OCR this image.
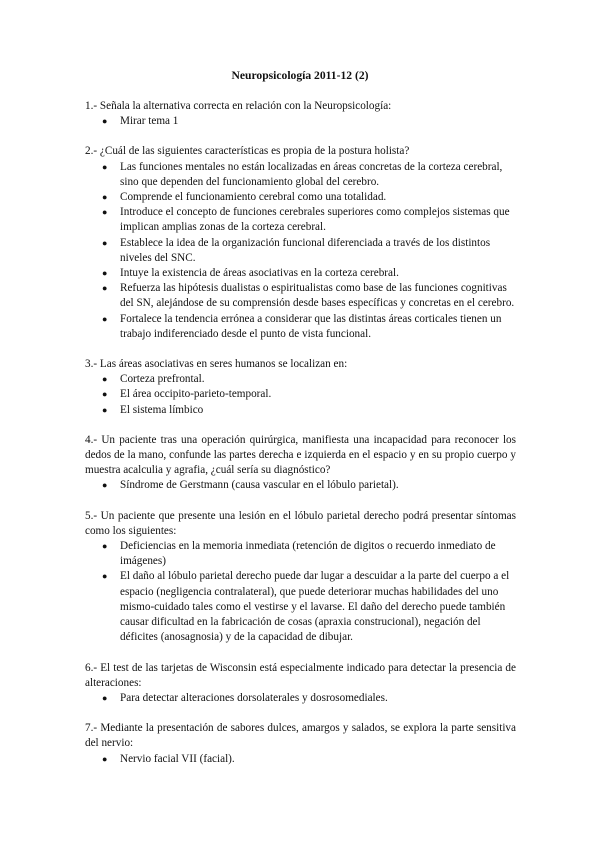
Neuropsicología 2011-12 (2)

1.- Señala la alternativa correcta en relación con la Neuropsicología:

●	Mirar tema 1

2.- ¿Cuál de las siguientes características es propia de la postura holista?

●	Las funciones mentales no están localizadas en áreas concretas de la corteza cerebral, sino que dependen del funcionamiento global del cerebro.
●	Comprende el funcionamiento cerebral como una totalidad.
●	Introduce el concepto de funciones cerebrales superiores como complejos sistemas que implican amplias zonas de la corteza cerebral.
●	Establece la idea de la organización funcional diferenciada a través de los distintos niveles del SNC.
●	Intuye la existencia de áreas asociativas en la corteza cerebral.
●	Refuerza las hipótesis dualistas o espiritualistas como base de las funciones cognitivas del SN, alejándose de su comprensión desde bases específicas y concretas en el cerebro.
●	Fortalece la tendencia errónea a considerar que las distintas áreas corticales tienen un trabajo indiferenciado desde el punto de vista funcional.

3.- Las áreas asociativas en seres humanos se localizan en:

●	Corteza prefrontal.
●	El área occipito-parieto-temporal.
●	El sistema límbico

4.- Un paciente tras una operación quirúrgica, manifiesta una incapacidad para reconocer los dedos de la mano, confunde las partes derecha e izquierda en el espacio y en su propio cuerpo y muestra acalculia y agrafia, ¿cuál sería su diagnóstico?

●	Síndrome de Gerstmann (causa vascular en el lóbulo parietal).

5.- Un paciente que presente una lesión en el lóbulo parietal derecho podrá presentar síntomas como los siguientes:

●	Deficiencias en la memoria inmediata (retención de digitos o recuerdo inmediato de imágenes)
●	El daño al lóbulo parietal derecho puede dar lugar a descuidar a la parte del cuerpo a el espacio (negligencia contralateral), que puede deteriorar muchas habilidades del uno mismo-cuidado tales como el vestirse y el lavarse. El daño del derecho puede también causar dificultad en la fabricación de cosas (apraxia construcional), negación del déficites (anosagnosia) y de la capacidad de dibujar.

6.- El test de las tarjetas de Wisconsin está especialmente indicado para detectar la presencia de alteraciones:

●	Para detectar alteraciones dorsolaterales y dosrosomediales.

7.- Mediante la presentación de sabores dulces, amargos y salados, se explora la parte sensitiva del nervio:

●	Nervio facial VII (facial).
